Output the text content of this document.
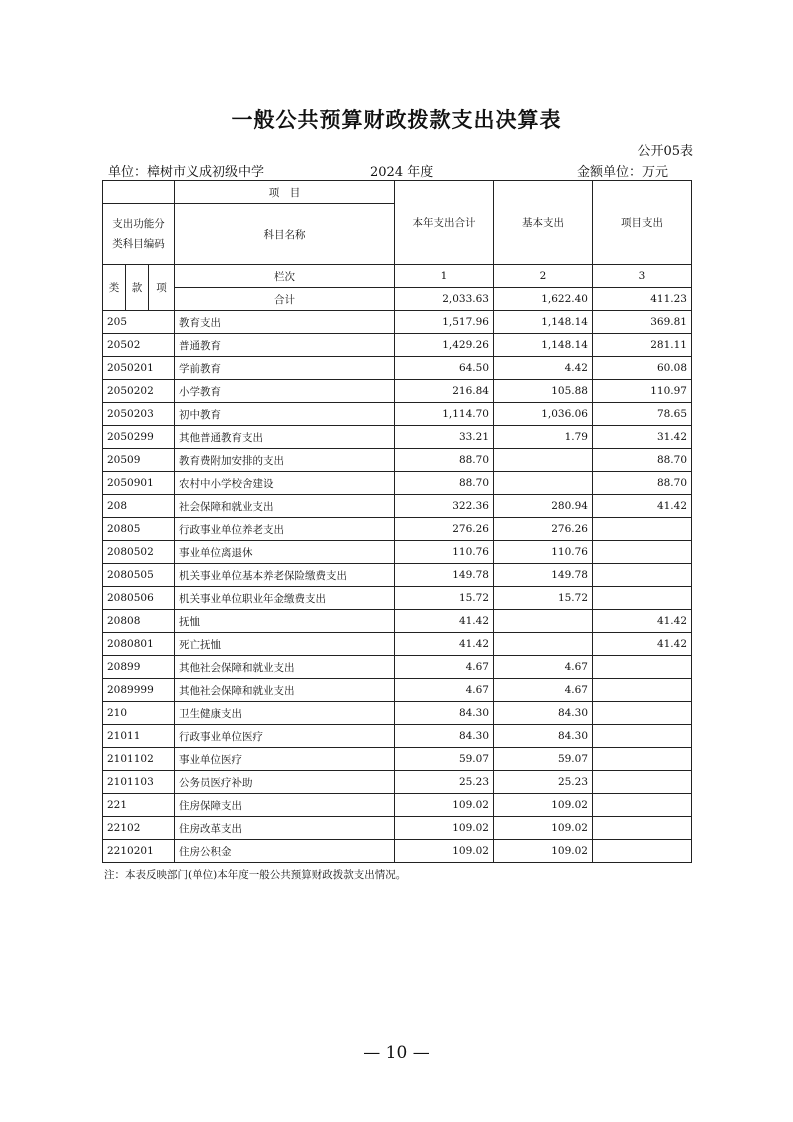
一般公共预算财政拨款支出决算表
公开05表
单位：樟树市义成初级中学	2024 年度	金额单位：万元
			项　目	本年支出合计	基本支出	项目支出
支出功能分类科目编码			科目名称			

类	款	项	栏次	1	2	3
			合计	2,033.63	1,622.40	411.23
205			教育支出	1,517.96	1,148.14	369.81
20502			普通教育	1,429.26	1,148.14	281.11
2050201			学前教育	64.50	4.42	60.08
2050202			小学教育	216.84	105.88	110.97
2050203			初中教育	1,114.70	1,036.06	78.65
2050299			其他普通教育支出	33.21	1.79	31.42
20509			教育费附加安排的支出	88.70		88.70
2050901			农村中小学校舍建设	88.70		88.70
208			社会保障和就业支出	322.36	280.94	41.42
20805			行政事业单位养老支出	276.26	276.26	
2080502			事业单位离退休	110.76	110.76	
2080505			机关事业单位基本养老保险缴费支出	149.78	149.78	
2080506			机关事业单位职业年金缴费支出	15.72	15.72	
20808			抚恤	41.42		41.42
2080801			死亡抚恤	41.42		41.42
20899			其他社会保障和就业支出	4.67	4.67	
2089999			其他社会保障和就业支出	4.67	4.67	
210			卫生健康支出	84.30	84.30	
21011			行政事业单位医疗	84.30	84.30	
2101102			事业单位医疗	59.07	59.07	
2101103			公务员医疗补助	25.23	25.23	
221			住房保障支出	109.02	109.02	
22102			住房改革支出	109.02	109.02	
2210201			住房公积金	109.02	109.02	
注：本表反映部门(单位)本年度一般公共预算财政拨款支出情况。
— 10 —
